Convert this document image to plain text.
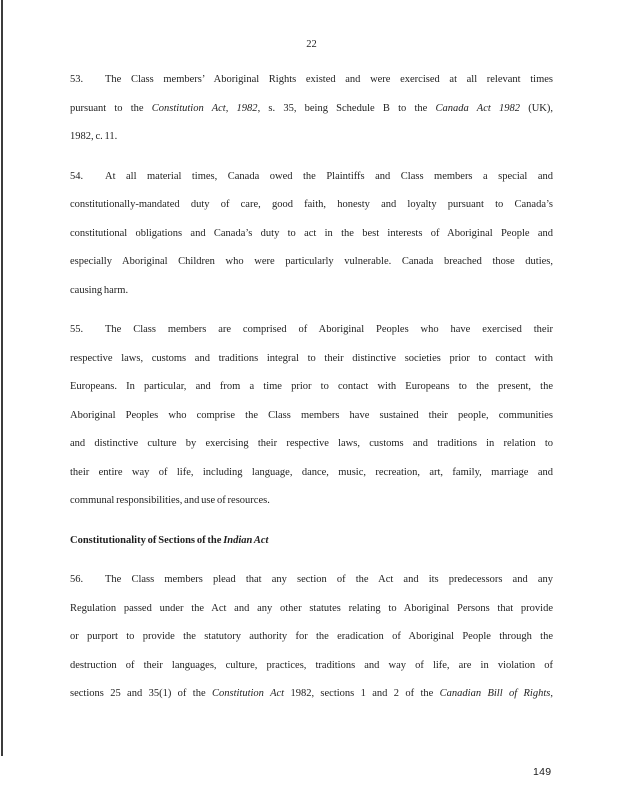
22
53. The Class members’ Aboriginal Rights existed and were exercised at all relevant times
pursuant to the Constitution Act, 1982, s. 35, being Schedule B to the Canada Act 1982 (UK),
1982, c. 11.
54. At all material times, Canada owed the Plaintiffs and Class members a special and
constitutionally-mandated duty of care, good faith, honesty and loyalty pursuant to Canada’s
constitutional obligations and Canada’s duty to act in the best interests of Aboriginal People and
especially Aboriginal Children who were particularly vulnerable. Canada breached those duties,
causing harm.
55. The Class members are comprised of Aboriginal Peoples who have exercised their
respective laws, customs and traditions integral to their distinctive societies prior to contact with
Europeans. In particular, and from a time prior to contact with Europeans to the present, the
Aboriginal Peoples who comprise the Class members have sustained their people, communities
and distinctive culture by exercising their respective laws, customs and traditions in relation to
their entire way of life, including language, dance, music, recreation, art, family, marriage and
communal responsibilities, and use of resources.
Constitutionality of Sections of the Indian Act
56. The Class members plead that any section of the Act and its predecessors and any
Regulation passed under the Act and any other statutes relating to Aboriginal Persons that provide
or purport to provide the statutory authority for the eradication of Aboriginal People through the
destruction of their languages, culture, practices, traditions and way of life, are in violation of
sections 25 and 35(1) of the Constitution Act 1982, sections 1 and 2 of the Canadian Bill of Rights,
149
